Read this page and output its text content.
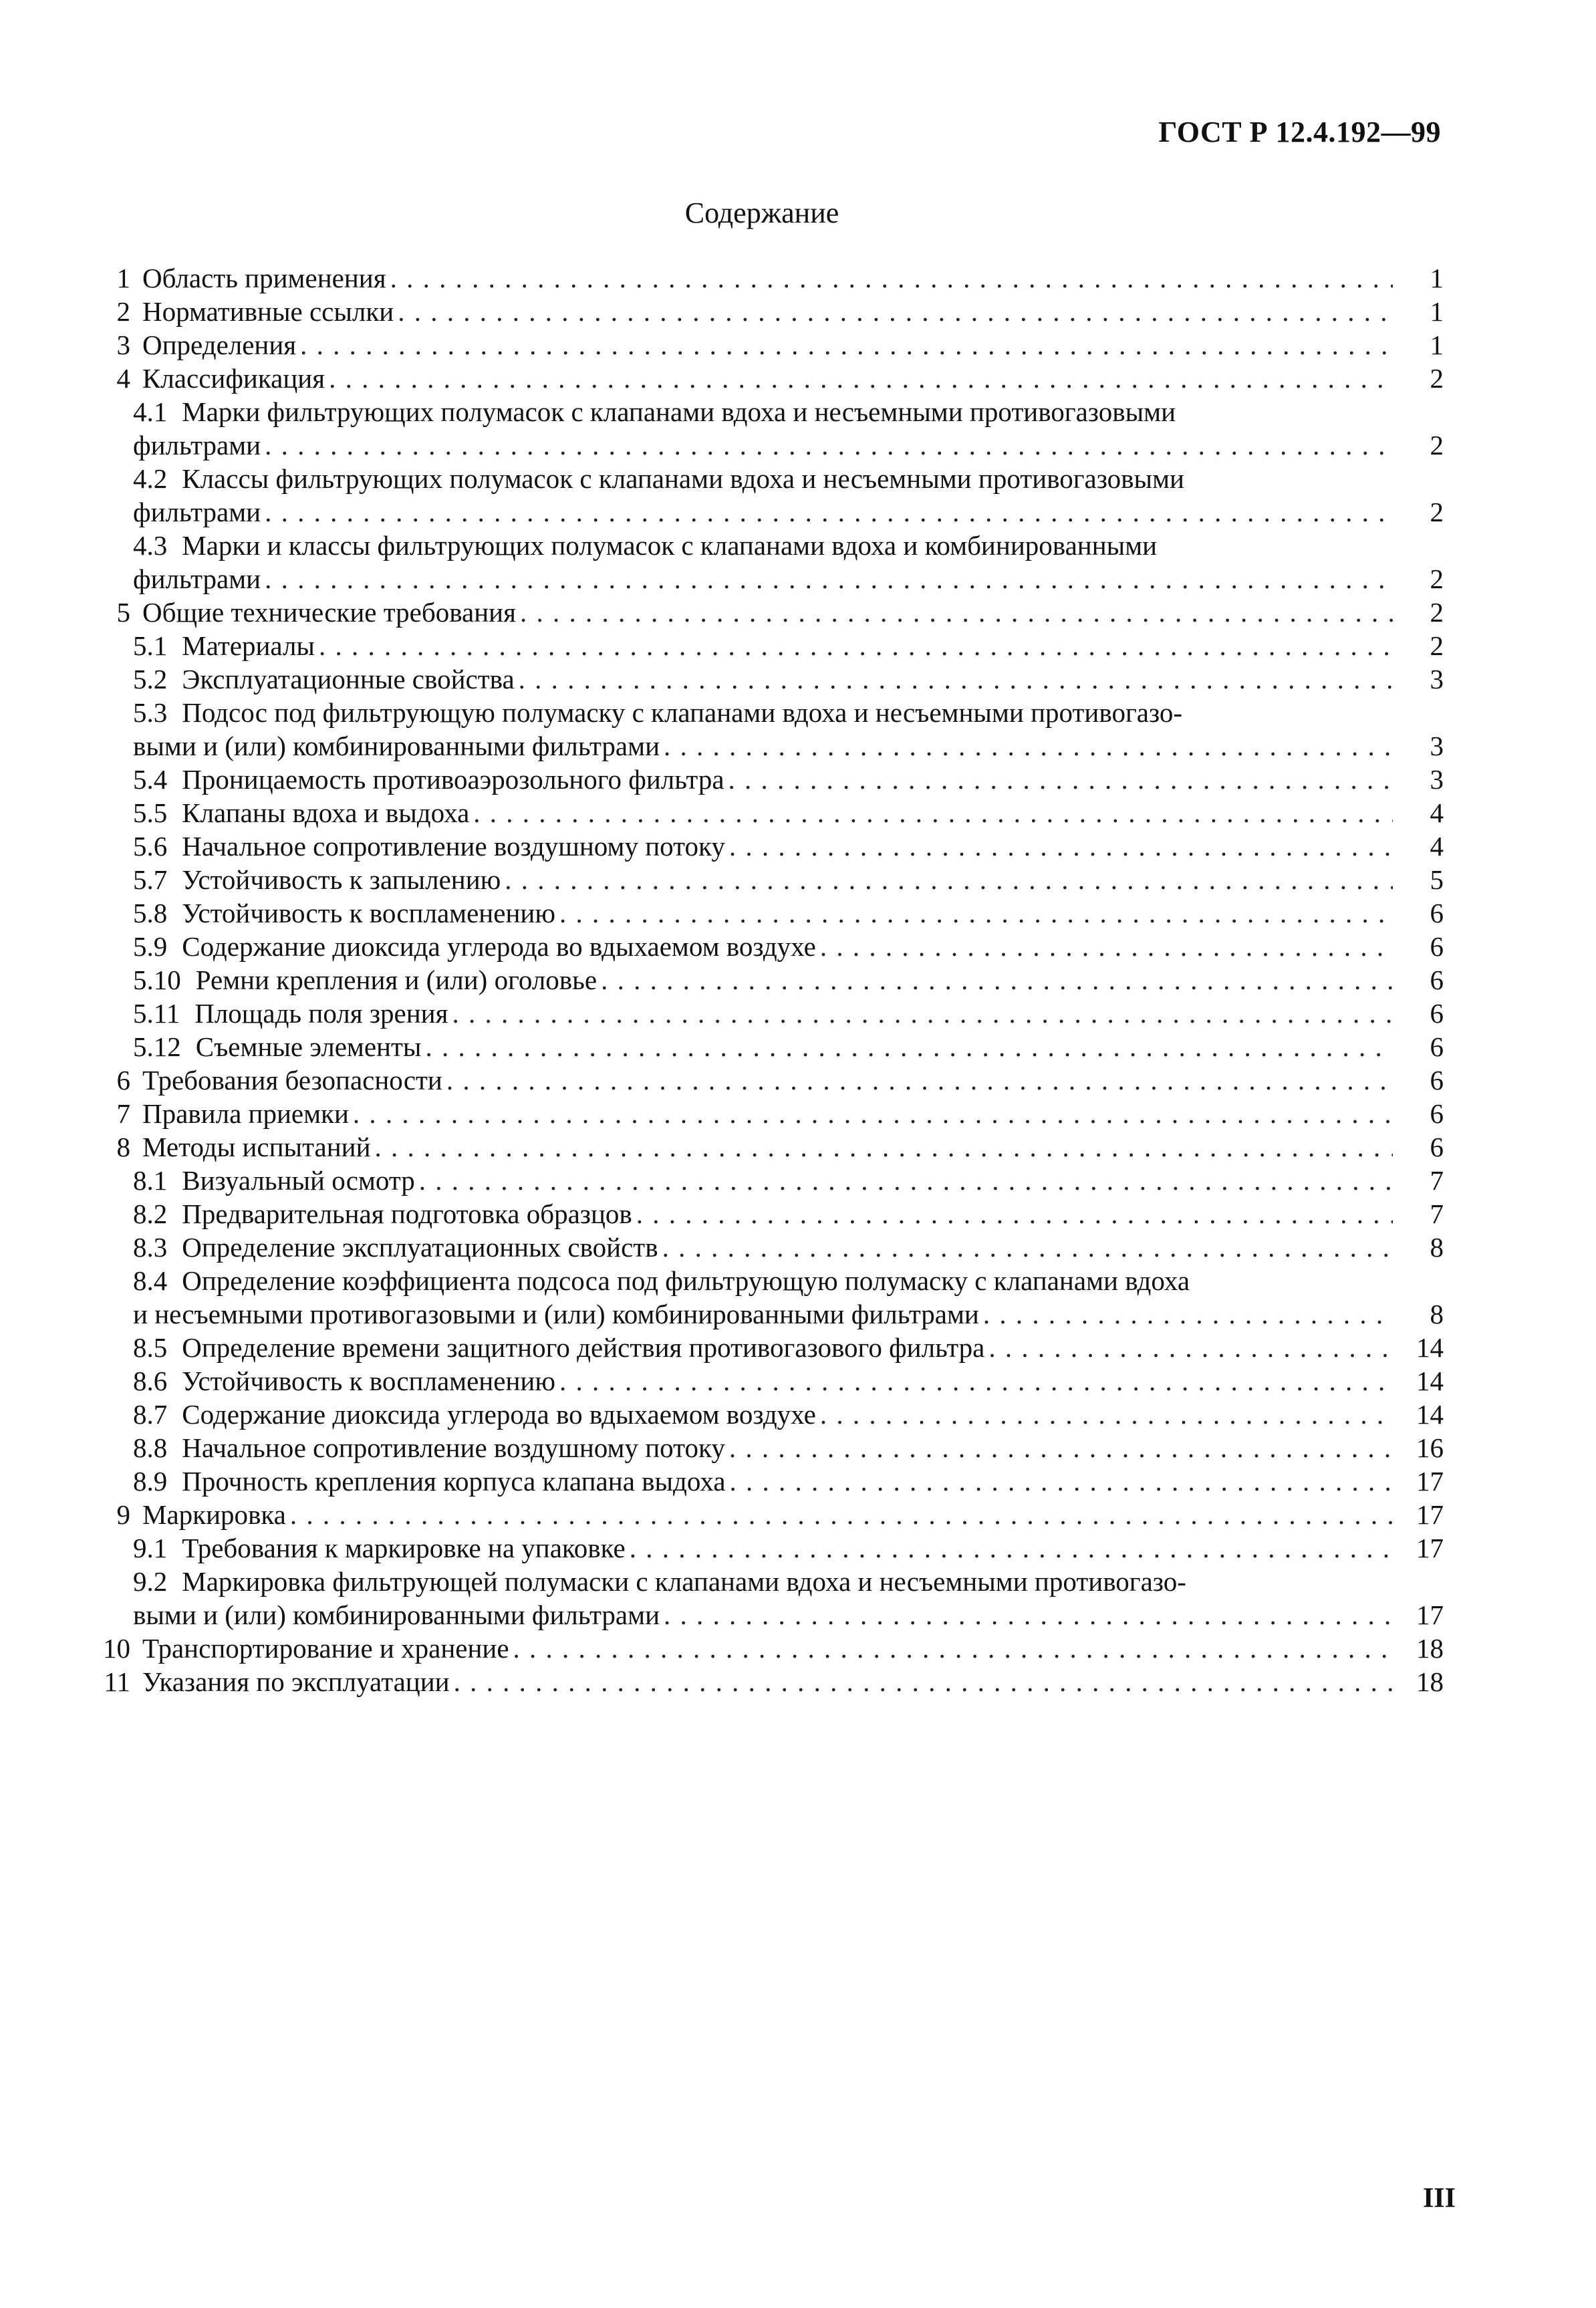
ГОСТ Р 12.4.192—99
Содержание
1 Область применения . . .	1
2 Нормативные ссылки . . .	1
3 Определения . . .	1
4 Классификация . . .	2
4.1 Марки фильтрующих полумасок с клапанами вдоха и несъемными противогазовыми
фильтрами . . .	2
4.2 Классы фильтрующих полумасок с клапанами вдоха и несъемными противогазовыми
фильтрами . . .	2
4.3 Марки и классы фильтрующих полумасок с клапанами вдоха и комбинированными
фильтрами . . .	2
5 Общие технические требования . . .	2
5.1 Материалы . . .	2
5.2 Эксплуатационные свойства . . .	3
5.3 Подсос под фильтрующую полумаску с клапанами вдоха и несъемными противогазо-
выми и (или) комбинированными фильтрами . . .	3
5.4 Проницаемость противоаэрозольного фильтра . . .	3
5.5 Клапаны вдоха и выдоха . . .	4
5.6 Начальное сопротивление воздушному потоку . . .	4
5.7 Устойчивость к запылению . . .	5
5.8 Устойчивость к воспламенению . . .	6
5.9 Содержание диоксида углерода во вдыхаемом воздухе . . .	6
5.10 Ремни крепления и (или) оголовье . . .	6
5.11 Площадь поля зрения . . .	6
5.12 Съемные элементы . . .	6
6 Требования безопасности . . .	6
7 Правила приемки . . .	6
8 Методы испытаний . . .	6
8.1 Визуальный осмотр . . .	7
8.2 Предварительная подготовка образцов . . .	7
8.3 Определение эксплуатационных свойств . . .	8
8.4 Определение коэффициента подсоса под фильтрующую полумаску с клапанами вдоха
и несъемными противогазовыми и (или) комбинированными фильтрами . . .	8
8.5 Определение времени защитного действия противогазового фильтра . . .	14
8.6 Устойчивость к воспламенению . . .	14
8.7 Содержание диоксида углерода во вдыхаемом воздухе . . .	14
8.8 Начальное сопротивление воздушному потоку . . .	16
8.9 Прочность крепления корпуса клапана выдоха . . .	17
9 Маркировка . . .	17
9.1 Требования к маркировке на упаковке . . .	17
9.2 Маркировка фильтрующей полумаски с клапанами вдоха и несъемными противогазо-
выми и (или) комбинированными фильтрами . . .	17
10 Транспортирование и хранение . . .	18
11 Указания по эксплуатации . . .	18
III
